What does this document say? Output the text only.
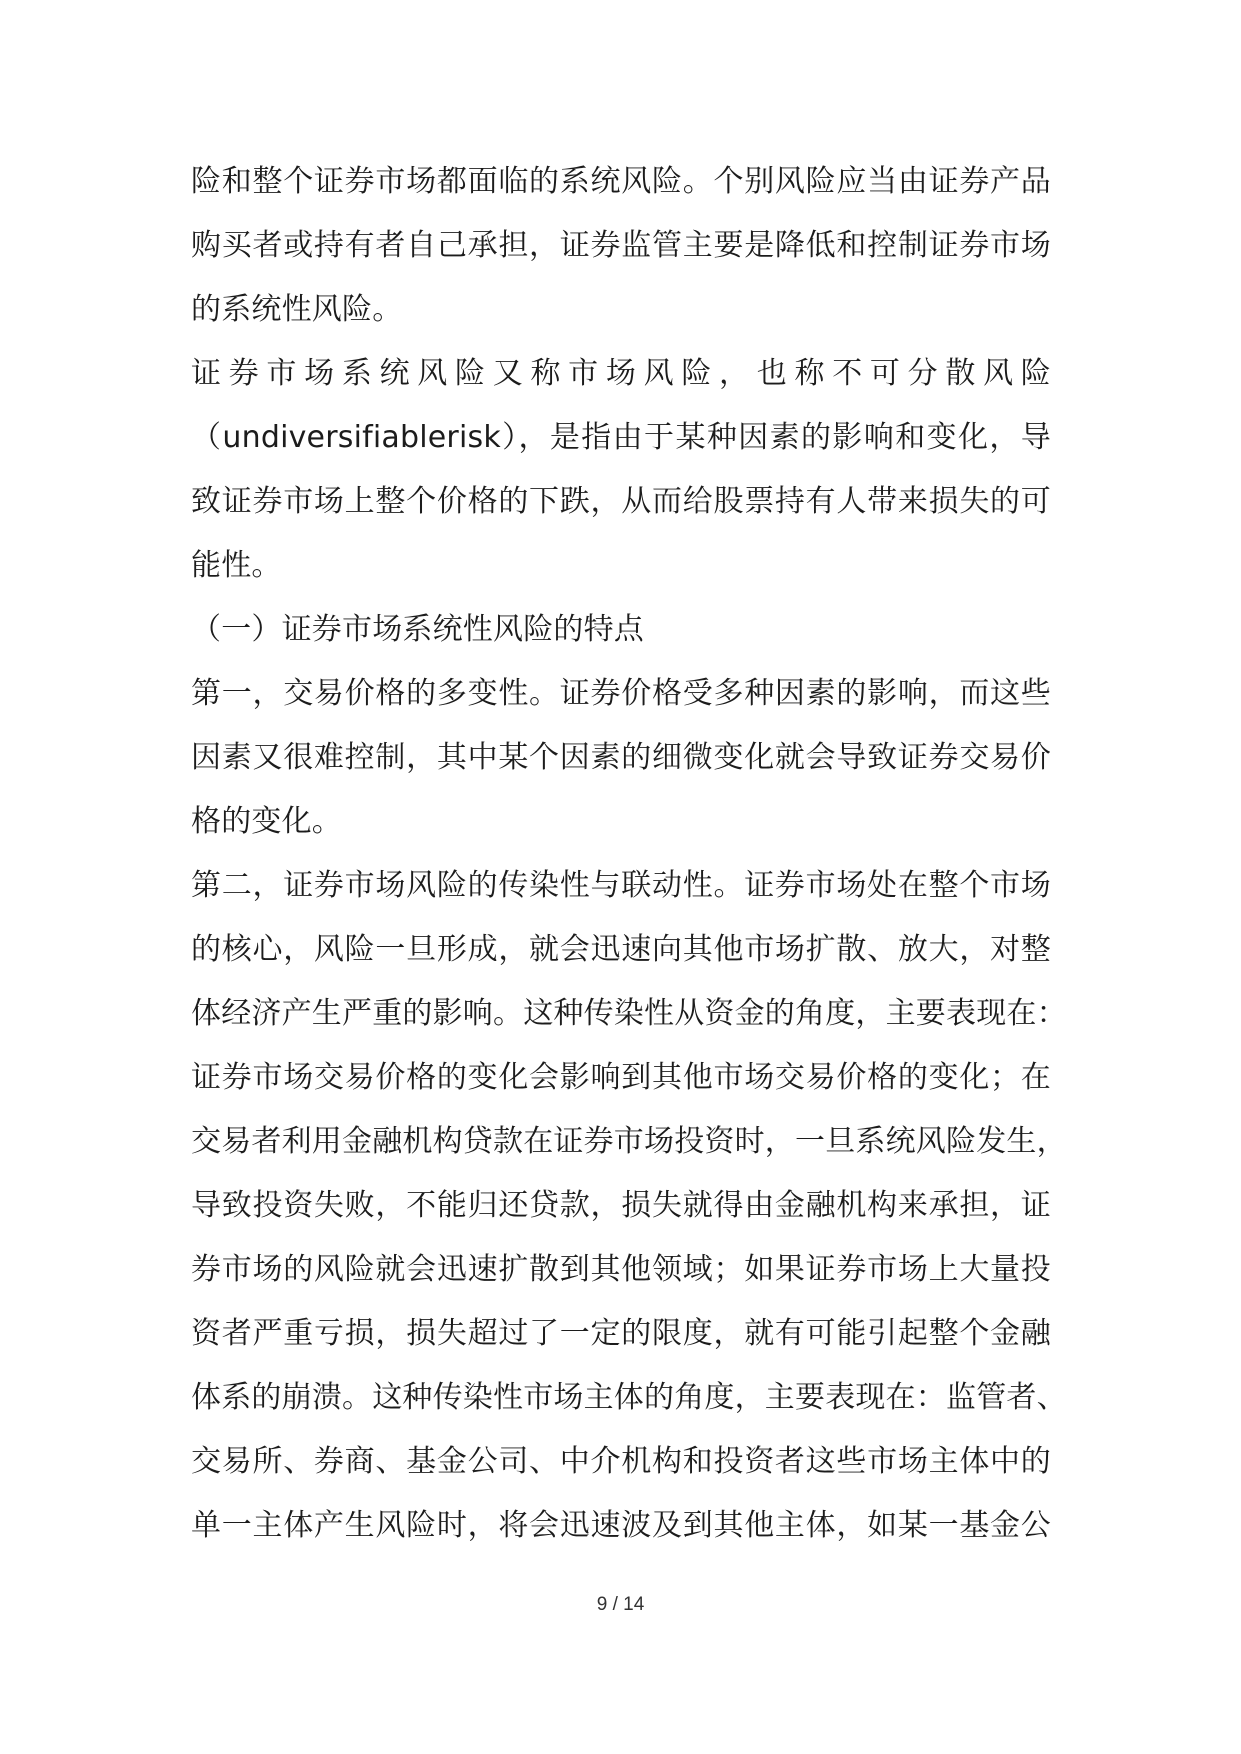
险和整个证券市场都面临的系统风险。个别风险应当由证券产品
购买者或持有者自己承担，证券监管主要是降低和控制证券市场
的系统性风险。
证券市场系统风险又称市场风险，也称不可分散风险
（undiversifiablerisk），是指由于某种因素的影响和变化，导
致证券市场上整个价格的下跌，从而给股票持有人带来损失的可
能性。
（一）证券市场系统性风险的特点
第一，交易价格的多变性。证券价格受多种因素的影响，而这些
因素又很难控制，其中某个因素的细微变化就会导致证券交易价
格的变化。
第二，证券市场风险的传染性与联动性。证券市场处在整个市场
的核心，风险一旦形成，就会迅速向其他市场扩散、放大，对整
体经济产生严重的影响。这种传染性从资金的角度，主要表现在：
证券市场交易价格的变化会影响到其他市场交易价格的变化；在
交易者利用金融机构贷款在证券市场投资时，一旦系统风险发生，
导致投资失败，不能归还贷款，损失就得由金融机构来承担，证
券市场的风险就会迅速扩散到其他领域；如果证券市场上大量投
资者严重亏损，损失超过了一定的限度，就有可能引起整个金融
体系的崩溃。这种传染性市场主体的角度，主要表现在：监管者、
交易所、券商、基金公司、中介机构和投资者这些市场主体中的
单一主体产生风险时，将会迅速波及到其他主体，如某一基金公
9 / 14
